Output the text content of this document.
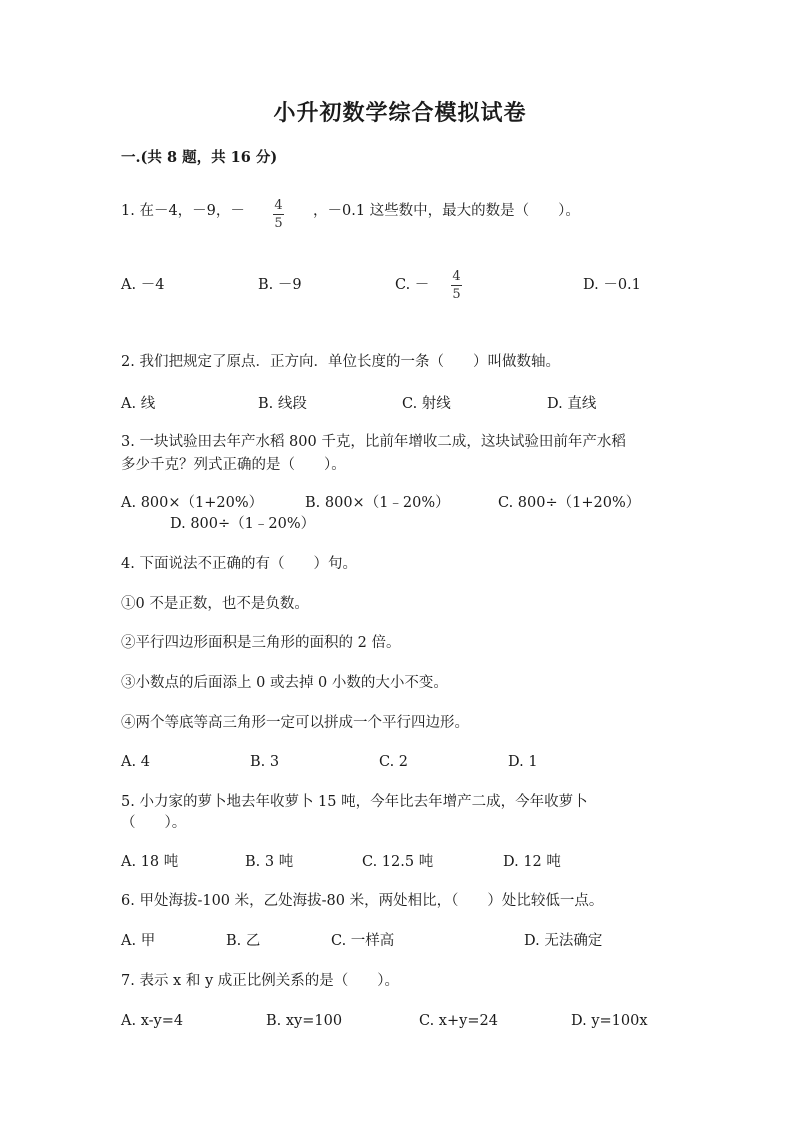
小升初数学综合模拟试卷
一.(共 8 题，共 16 分)
1. 在－4，－9，－ 4
5
，－0.1 这些数中，最大的数是（　　）。
A. －4	B. －9	C. －
4
5
D. －0.1
2. 我们把规定了原点．正方向．单位长度的一条（　　）叫做数轴。
A. 线	B. 线段	C. 射线	D. 直线
3. 一块试验田去年产水稻 800 千克，比前年增收二成，这块试验田前年产水稻
多少千克？列式正确的是（　　）。
A. 800×（1+20%）	B. 800×（1﹣20%）	C. 800÷（1+20%）
D. 800÷（1﹣20%）
4. 下面说法不正确的有（　　）句。
①0 不是正数，也不是负数。
②平行四边形面积是三角形的面积的 2 倍。
③小数点的后面添上 0 或去掉 0 小数的大小不变。
④两个等底等高三角形一定可以拼成一个平行四边形。
A. 4	B. 3	C. 2	D. 1
5. 小力家的萝卜地去年收萝卜 15 吨，今年比去年增产二成，今年收萝卜
（　　）。
A. 18 吨	B. 3 吨	C. 12.5 吨	D. 12 吨
6. 甲处海拔-100 米，乙处海拔-80 米，两处相比，（　　）处比较低一点。
A. 甲	B. 乙	C. 一样高	D. 无法确定
7. 表示 x 和 y 成正比例关系的是（　　）。
A. x-y=4	B. xy=100	C. x+y=24	D. y=100x
